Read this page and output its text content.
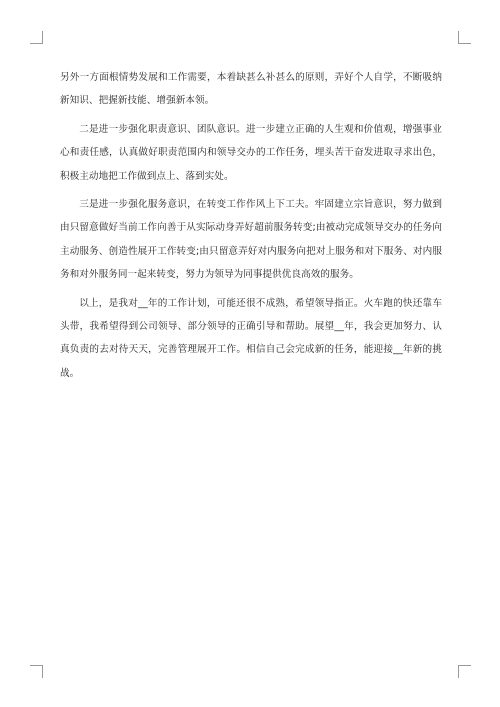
另外一方面根情势发展和工作需要，本着缺甚么补甚么的原则，弄好个人自学，不断吸纳新知识、把握新技能、增强新本领。

二是进一步强化职责意识、团队意识。进一步建立正确的人生观和价值观，增强事业心和责任感，认真做好职责范围内和领导交办的工作任务，埋头苦干奋发进取寻求出色，积极主动地把工作做到点上、落到实处。

三是进一步强化服务意识，在转变工作作风上下工夫。牢固建立宗旨意识，努力做到由只留意做好当前工作向善于从实际动身弄好超前服务转变;由被动完成领导交办的任务向主动服务、创造性展开工作转变;由只留意弄好对内服务向把对上服务和对下服务、对内服务和对外服务同一起来转变，努力为领导为同事提供优良高效的服务。

以上，是我对__年的工作计划，可能还很不成熟，希望领导指正。火车跑的快还靠车头带，我希望得到公司领导、部分领导的正确引导和帮助。展望__年，我会更加努力、认真负责的去对待天天，完善管理展开工作。相信自己会完成新的任务，能迎接__年新的挑战。
